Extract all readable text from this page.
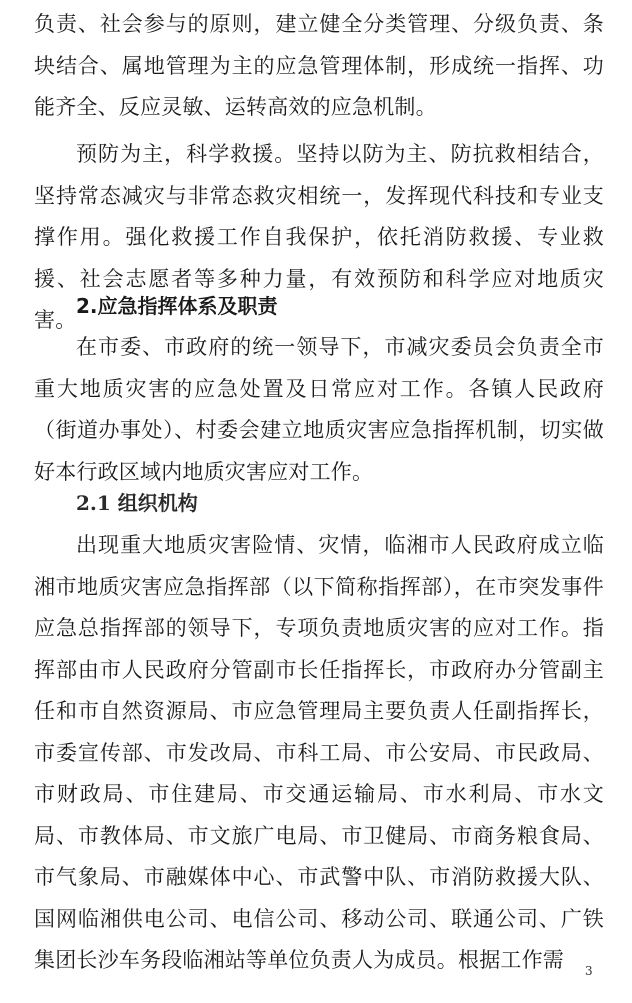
负责、社会参与的原则，建立健全分类管理、分级负责、条块结合、属地管理为主的应急管理体制，形成统一指挥、功能齐全、反应灵敏、运转高效的应急机制。

预防为主，科学救援。坚持以防为主、防抗救相结合，坚持常态减灾与非常态救灾相统一，发挥现代科技和专业支撑作用。强化救援工作自我保护，依托消防救援、专业救援、社会志愿者等多种力量，有效预防和科学应对地质灾害。

2.应急指挥体系及职责

在市委、市政府的统一领导下，市减灾委员会负责全市重大地质灾害的应急处置及日常应对工作。各镇人民政府（街道办事处）、村委会建立地质灾害应急指挥机制，切实做好本行政区域内地质灾害应对工作。

2.1 组织机构

出现重大地质灾害险情、灾情，临湘市人民政府成立临湘市地质灾害应急指挥部（以下简称指挥部），在市突发事件应急总指挥部的领导下，专项负责地质灾害的应对工作。指挥部由市人民政府分管副市长任指挥长，市政府办分管副主任和市自然资源局、市应急管理局主要负责人任副指挥长，市委宣传部、市发改局、市科工局、市公安局、市民政局、市财政局、市住建局、市交通运输局、市水利局、市水文局、市教体局、市文旅广电局、市卫健局、市商务粮食局、市气象局、市融媒体中心、市武警中队、市消防救援大队、国网临湘供电公司、电信公司、移动公司、联通公司、广铁集团长沙车务段临湘站等单位负责人为成员。根据工作需	3
